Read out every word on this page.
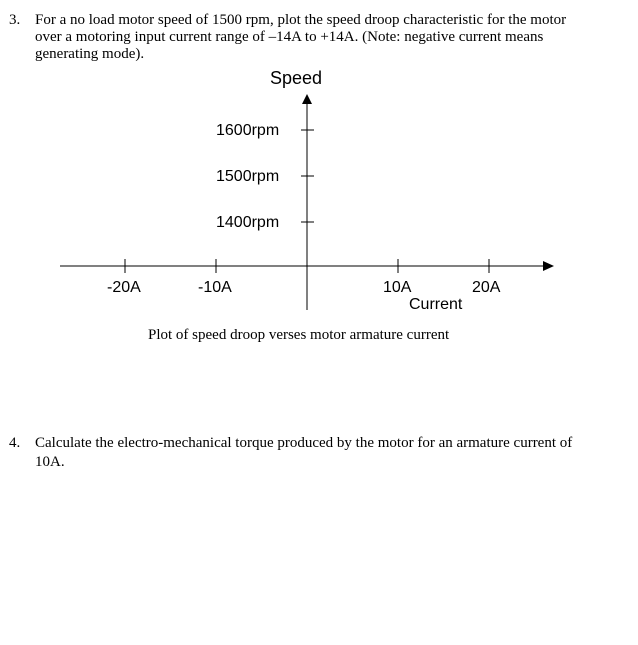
3. For a no load motor speed of 1500 rpm, plot the speed droop characteristic for the motor
over a motoring input current range of –14A to +14A. (Note: negative current means
generating mode).
Speed
1600rpm
1500rpm
1400rpm
-20A	-10A	10A	20A
Current
Plot of speed droop verses motor armature current
4. Calculate the electro-mechanical torque produced by the motor for an armature current of
10A.
